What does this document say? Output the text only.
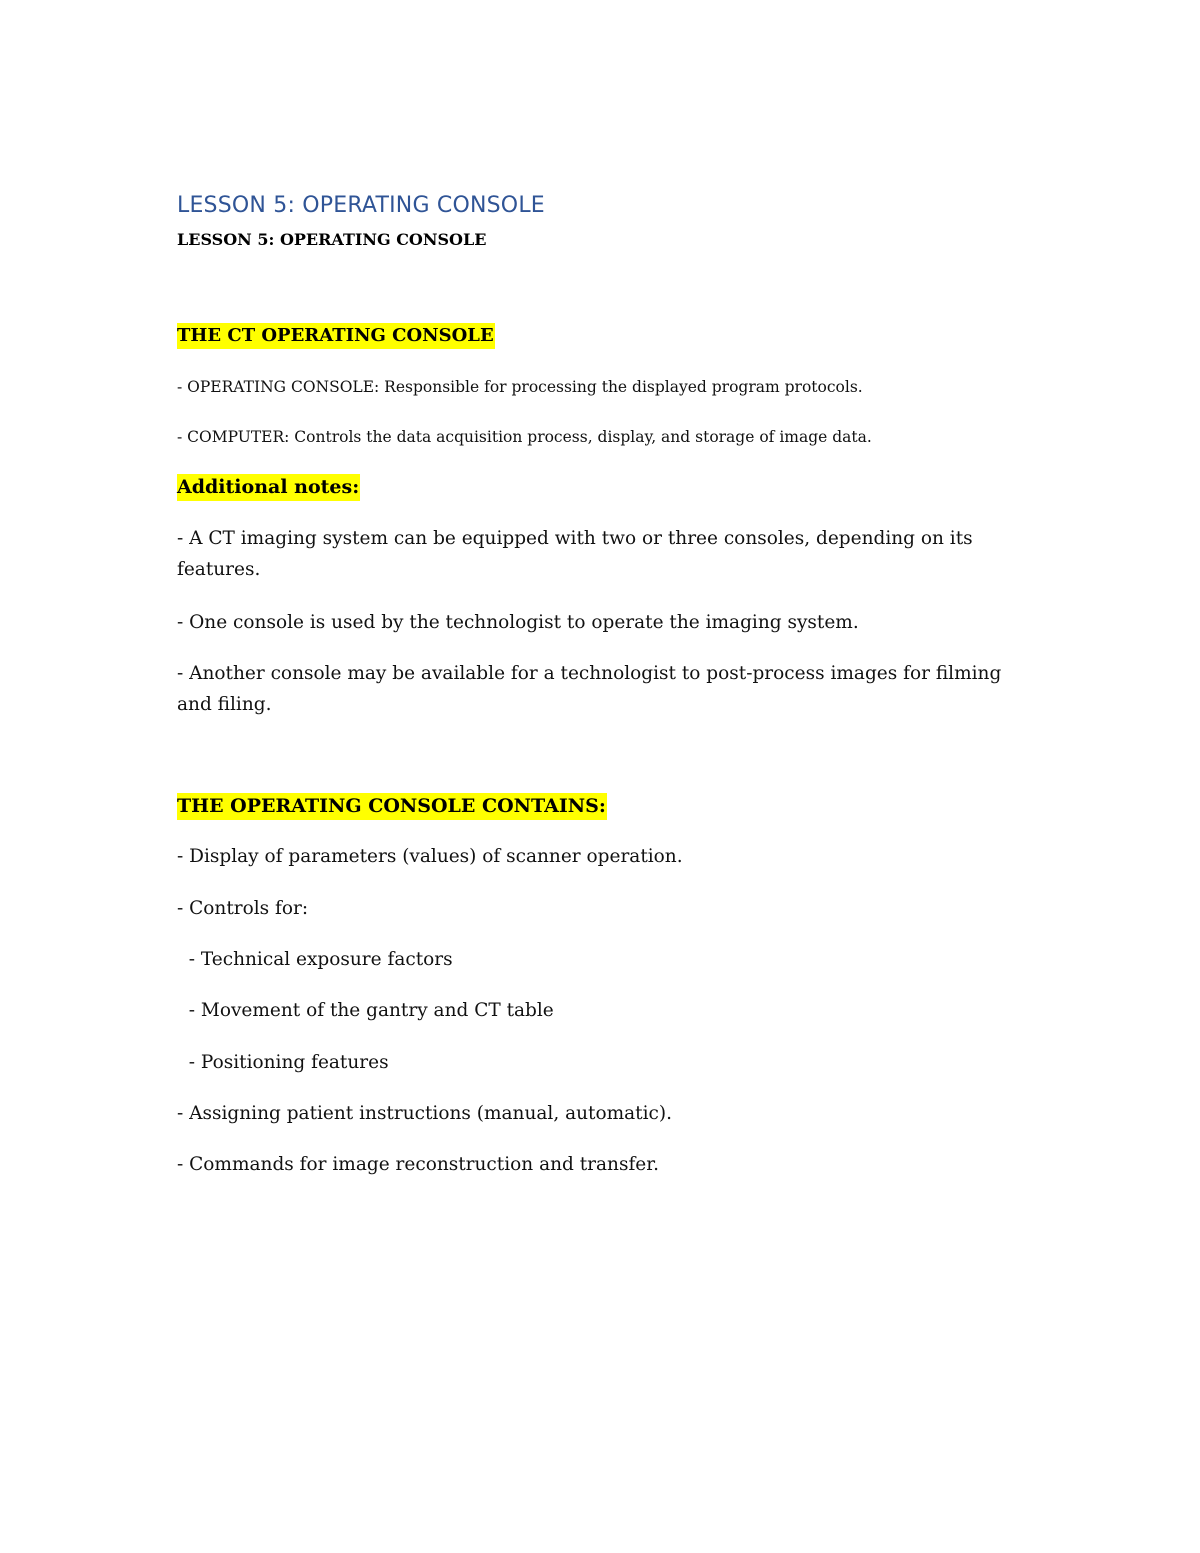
LESSON 5: OPERATING CONSOLE
LESSON 5: OPERATING CONSOLE
THE CT OPERATING CONSOLE
- OPERATING CONSOLE: Responsible for processing the displayed program protocols.
- COMPUTER: Controls the data acquisition process, display, and storage of image data.
Additional notes:
- A CT imaging system can be equipped with two or three consoles, depending on its features.
- One console is used by the technologist to operate the imaging system.
- Another console may be available for a technologist to post-process images for filming and filing.
THE OPERATING CONSOLE CONTAINS:
- Display of parameters (values) of scanner operation.
- Controls for:
- Technical exposure factors
- Movement of the gantry and CT table
- Positioning features
- Assigning patient instructions (manual, automatic).
- Commands for image reconstruction and transfer.
